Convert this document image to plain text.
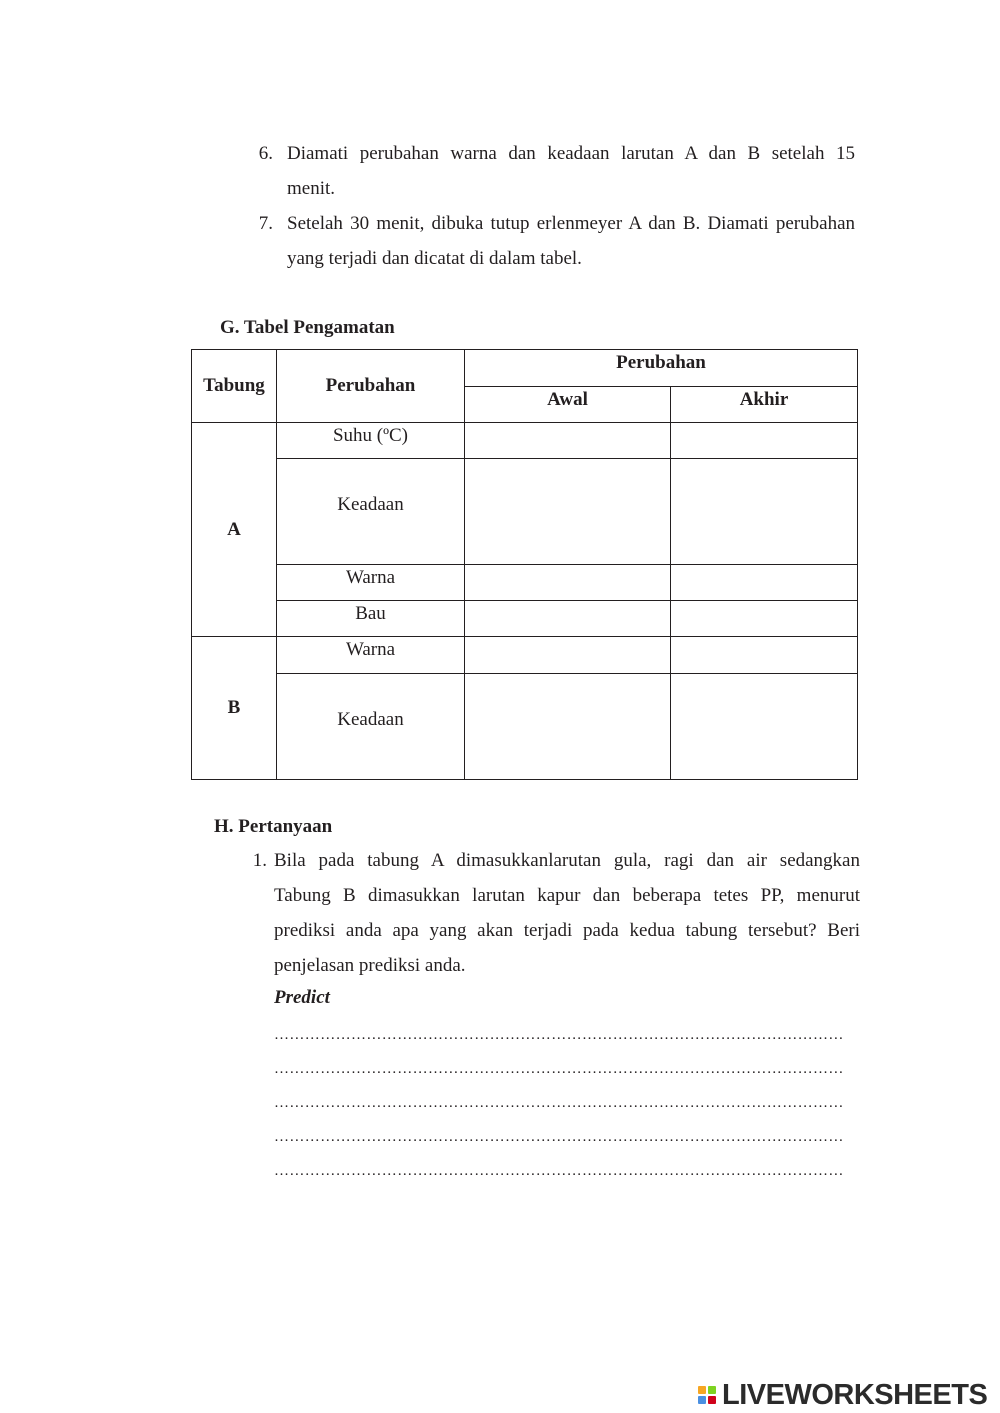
6. Diamati perubahan warna dan keadaan larutan A dan B setelah 15
menit.
7. Setelah 30 menit, dibuka tutup erlenmeyer A dan B. Diamati perubahan
yang terjadi dan dicatat di dalam tabel.
G. Tabel Pengamatan
Tabung	Perubahan	Perubahan	
		Awal	Akhir
A	Suhu (ºC)		
	Keadaan		
	Warna		
	Bau		
B	Warna		
	Keadaan		
H. Pertanyaan
1. Bila pada tabung A dimasukkanlarutan gula, ragi dan air sedangkan
Tabung B dimasukkan larutan kapur dan beberapa tetes PP, menurut
prediksi anda apa yang akan terjadi pada kedua tabung tersebut? Beri
penjelasan prediksi anda.
Predict
…………………………………………………………………………………………………
…………………………………………………………………………………………………
…………………………………………………………………………………………………
…………………………………………………………………………………………………
…………………………………………………………………………………………………
LIVEWORKSHEETS
